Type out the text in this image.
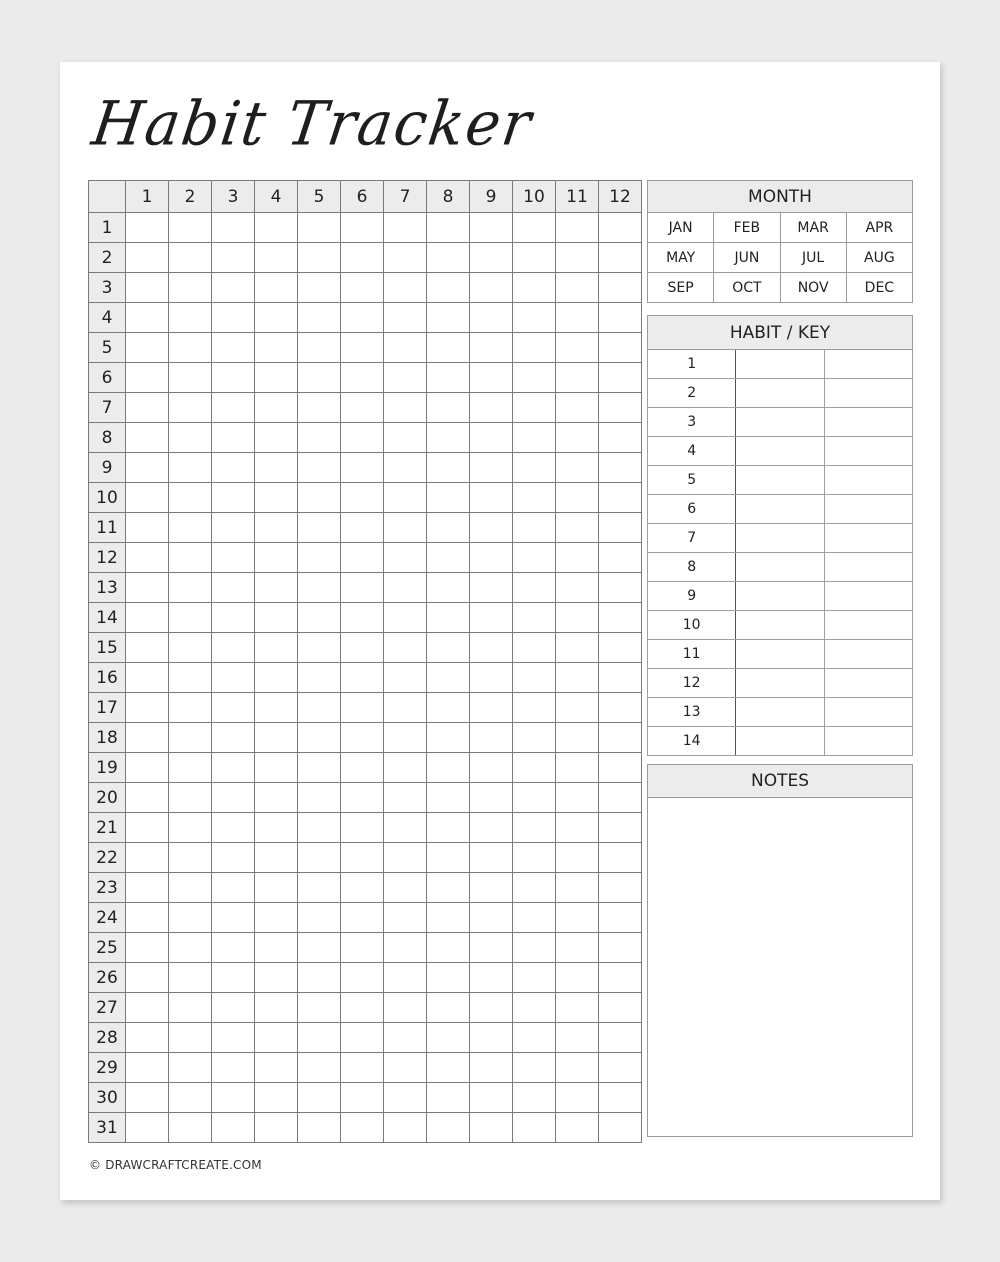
Habit Tracker
	1	2	3	4	5	6	7	8	9	10	11	12
1												
2												
3												
4												
5												
6												
7												
8												
9												
10												
11												
12												
13												
14												
15												
16												
17												
18												
19												
20												
21												
22												
23												
24												
25												
26												
27												
28												
29												
30												
31												
MONTH			
JAN	FEB	MAR	APR
MAY	JUN	JUL	AUG
SEP	OCT	NOV	DEC
HABIT / KEY		
1		
2		
3		
4		
5		
6		
7		
8		
9		
10		
11		
12		
13		
14		
NOTES
© DRAWCRAFTCREATE.COM
